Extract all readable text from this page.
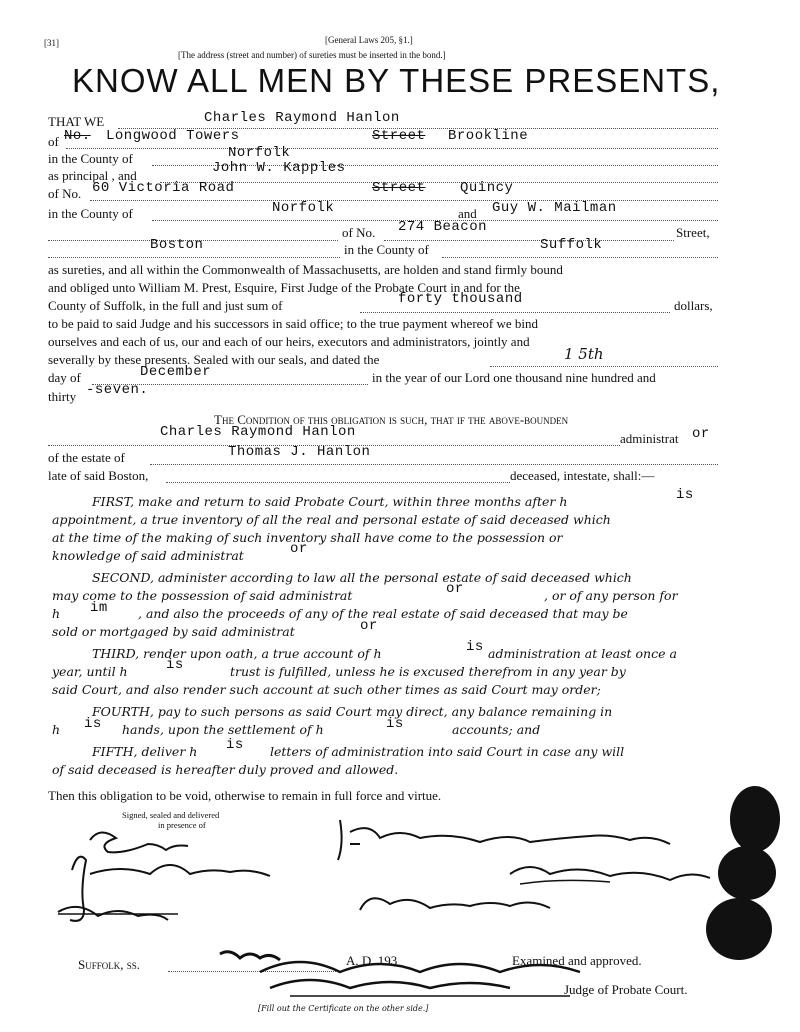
[31]	[General Laws 205, §1.]
[The address (street and number) of sureties must be inserted in the bond.]
KNOW ALL MEN BY THESE PRESENTS,
THAT WE	Charles Raymond Hanlon
of No. Longwood Towers	Street Brookline
in the County of	Norfolk
as principal , and	John W. Kapples
of No. 60 Victoria Road	Street Quincy
in the County of	Norfolk	and Guy W. Mailman
of No. 274 Beacon	Street,
Boston	in the County of	Suffolk
as sureties, and all within the Commonwealth of Massachusetts, are holden and stand firmly bound
and obliged unto William M. Prest, Esquire, First Judge of the Probate Court in and for the
County of Suffolk, in the full and just sum of	forty thousand	dollars,
to be paid to said Judge and his successors in said office; to the true payment whereof we bind
ourselves and each of us, our and each of our heirs, executors and administrators, jointly and
severally by these presents. Sealed with our seals, and dated the	1 5th
day of	December	in the year of our Lord one thousand nine hundred and
thirty -seven.
The Condition of this obligation is such, that if the above-bounden
Charles Raymond Hanlon	administrat or
of the estate of	Thomas J. Hanlon
late of said Boston,	deceased, intestate, shall:—
FIRST, make and return to said Probate Court, within three months after h	is
appointment, a true inventory of all the real and personal estate of said deceased which
at the time of the making of such inventory shall have come to the possession or
knowledge of said administrat	or
SECOND, administer according to law all the personal estate of said deceased which
may come to the possession of said administrat	or	, or of any person for
h im , and also the proceeds of any of the real estate of said deceased that may be
sold or mortgaged by said administrat	or
THIRD, render upon oath, a true account of h	is administration at least once a
year, until h	is	trust is fulfilled, unless he is excused therefrom in any year by
said Court, and also render such account at such other times as said Court may order;
FOURTH, pay to such persons as said Court may direct, any balance remaining in
h is hands, upon the settlement of h	is	accounts; and
FIFTH, deliver h is letters of administration into said Court in case any will
of said deceased is hereafter duly proved and allowed.
Then this obligation to be void, otherwise to remain in full force and virtue.
Signed, sealed and delivered
in presence of
Suffolk, ss.	A. D. 193	Examined and approved.
Judge of Probate Court.
[Fill out the Certificate on the other side.]
